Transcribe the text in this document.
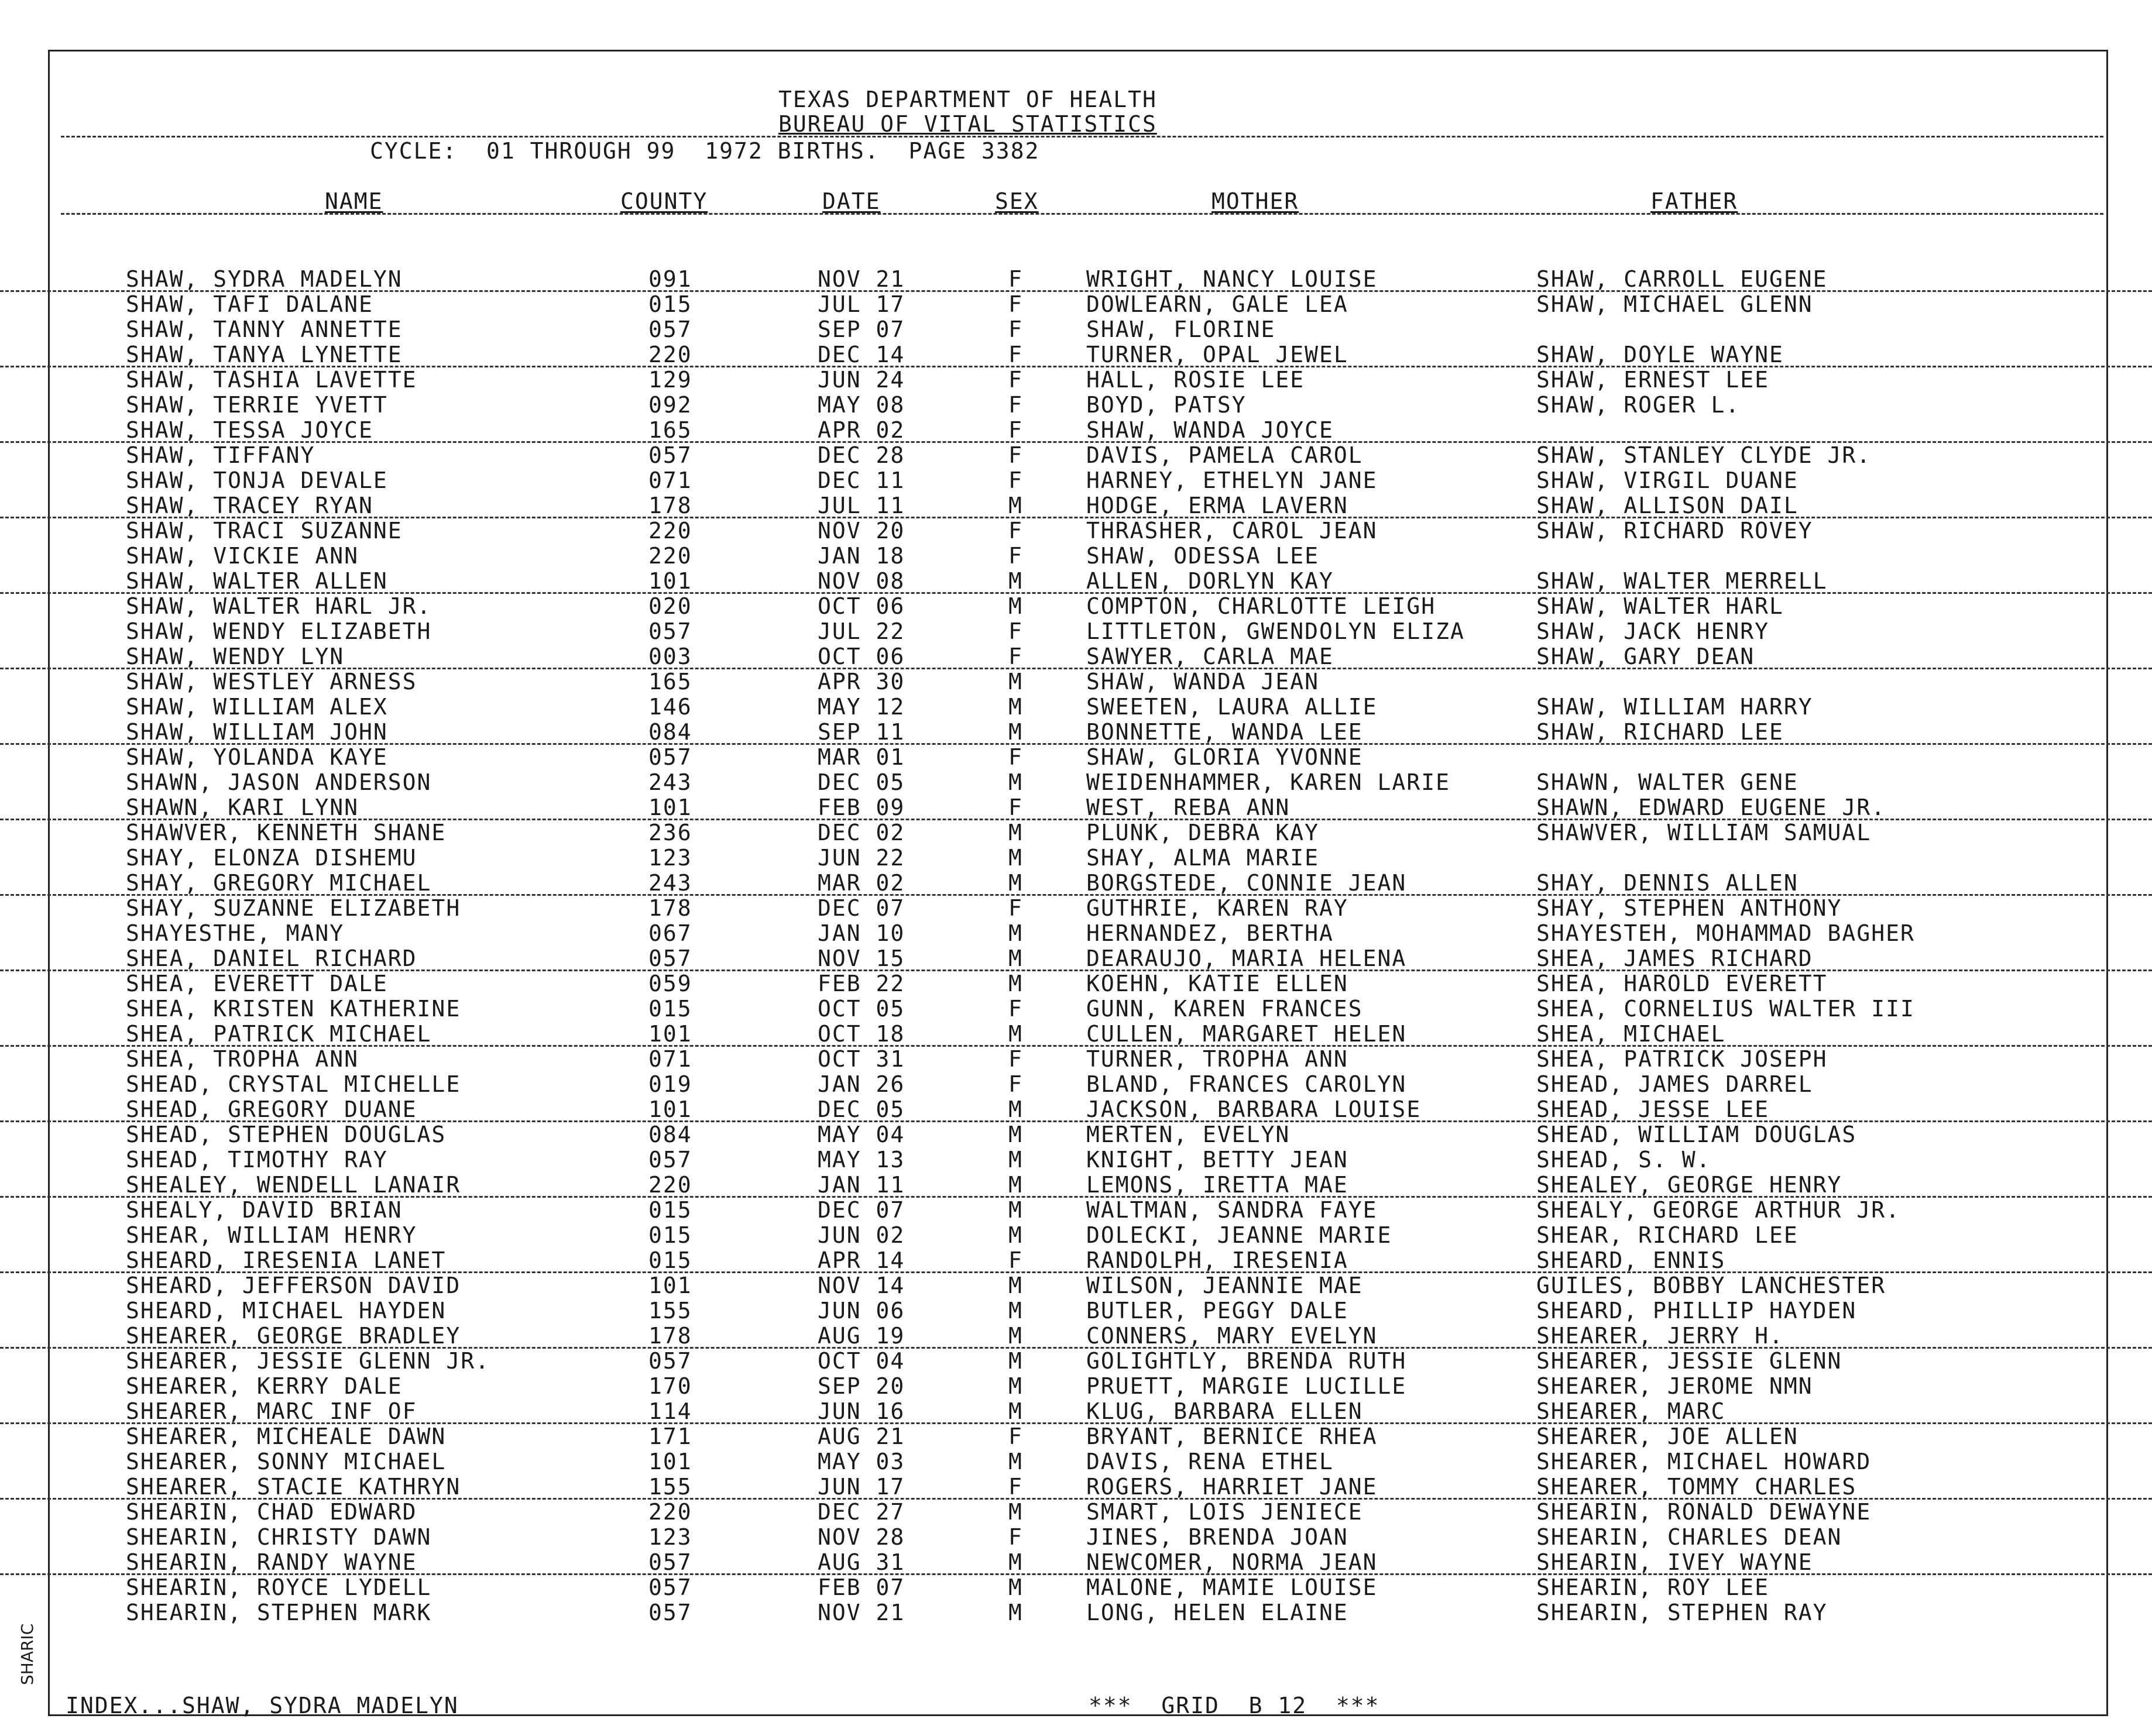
TEXAS DEPARTMENT OF HEALTH
BUREAU OF VITAL STATISTICS
CYCLE:  01 THROUGH 99  1972 BIRTHS.  PAGE 3382
NAME	COUNTY	DATE	SEX	MOTHER	FATHER
SHAW, SYDRA MADELYN	091	NOV 21	F	WRIGHT, NANCY LOUISE	SHAW, CARROLL EUGENE
SHAW, TAFI DALANE	015	JUL 17	F	DOWLEARN, GALE LEA	SHAW, MICHAEL GLENN
SHAW, TANNY ANNETTE	057	SEP 07	F	SHAW, FLORINE
SHAW, TANYA LYNETTE	220	DEC 14	F	TURNER, OPAL JEWEL	SHAW, DOYLE WAYNE
SHAW, TASHIA LAVETTE	129	JUN 24	F	HALL, ROSIE LEE	SHAW, ERNEST LEE
SHAW, TERRIE YVETT	092	MAY 08	F	BOYD, PATSY	SHAW, ROGER L.
SHAW, TESSA JOYCE	165	APR 02	F	SHAW, WANDA JOYCE
SHAW, TIFFANY	057	DEC 28	F	DAVIS, PAMELA CAROL	SHAW, STANLEY CLYDE JR.
SHAW, TONJA DEVALE	071	DEC 11	F	HARNEY, ETHELYN JANE	SHAW, VIRGIL DUANE
SHAW, TRACEY RYAN	178	JUL 11	M	HODGE, ERMA LAVERN	SHAW, ALLISON DAIL
SHAW, TRACI SUZANNE	220	NOV 20	F	THRASHER, CAROL JEAN	SHAW, RICHARD ROVEY
SHAW, VICKIE ANN	220	JAN 18	F	SHAW, ODESSA LEE
SHAW, WALTER ALLEN	101	NOV 08	M	ALLEN, DORLYN KAY	SHAW, WALTER MERRELL
SHAW, WALTER HARL JR.	020	OCT 06	M	COMPTON, CHARLOTTE LEIGH	SHAW, WALTER HARL
SHAW, WENDY ELIZABETH	057	JUL 22	F	LITTLETON, GWENDOLYN ELIZA	SHAW, JACK HENRY
SHAW, WENDY LYN	003	OCT 06	F	SAWYER, CARLA MAE	SHAW, GARY DEAN
SHAW, WESTLEY ARNESS	165	APR 30	M	SHAW, WANDA JEAN
SHAW, WILLIAM ALEX	146	MAY 12	M	SWEETEN, LAURA ALLIE	SHAW, WILLIAM HARRY
SHAW, WILLIAM JOHN	084	SEP 11	M	BONNETTE, WANDA LEE	SHAW, RICHARD LEE
SHAW, YOLANDA KAYE	057	MAR 01	F	SHAW, GLORIA YVONNE
SHAWN, JASON ANDERSON	243	DEC 05	M	WEIDENHAMMER, KAREN LARIE	SHAWN, WALTER GENE
SHAWN, KARI LYNN	101	FEB 09	F	WEST, REBA ANN	SHAWN, EDWARD EUGENE JR.
SHAWVER, KENNETH SHANE	236	DEC 02	M	PLUNK, DEBRA KAY	SHAWVER, WILLIAM SAMUAL
SHAY, ELONZA DISHEMU	123	JUN 22	M	SHAY, ALMA MARIE
SHAY, GREGORY MICHAEL	243	MAR 02	M	BORGSTEDE, CONNIE JEAN	SHAY, DENNIS ALLEN
SHAY, SUZANNE ELIZABETH	178	DEC 07	F	GUTHRIE, KAREN RAY	SHAY, STEPHEN ANTHONY
SHAYESTHE, MANY	067	JAN 10	M	HERNANDEZ, BERTHA	SHAYESTEH, MOHAMMAD BAGHER
SHEA, DANIEL RICHARD	057	NOV 15	M	DEARAUJO, MARIA HELENA	SHEA, JAMES RICHARD
SHEA, EVERETT DALE	059	FEB 22	M	KOEHN, KATIE ELLEN	SHEA, HAROLD EVERETT
SHEA, KRISTEN KATHERINE	015	OCT 05	F	GUNN, KAREN FRANCES	SHEA, CORNELIUS WALTER III
SHEA, PATRICK MICHAEL	101	OCT 18	M	CULLEN, MARGARET HELEN	SHEA, MICHAEL
SHEA, TROPHA ANN	071	OCT 31	F	TURNER, TROPHA ANN	SHEA, PATRICK JOSEPH
SHEAD, CRYSTAL MICHELLE	019	JAN 26	F	BLAND, FRANCES CAROLYN	SHEAD, JAMES DARREL
SHEAD, GREGORY DUANE	101	DEC 05	M	JACKSON, BARBARA LOUISE	SHEAD, JESSE LEE
SHEAD, STEPHEN DOUGLAS	084	MAY 04	M	MERTEN, EVELYN	SHEAD, WILLIAM DOUGLAS
SHEAD, TIMOTHY RAY	057	MAY 13	M	KNIGHT, BETTY JEAN	SHEAD, S. W.
SHEALEY, WENDELL LANAIR	220	JAN 11	M	LEMONS, IRETTA MAE	SHEALEY, GEORGE HENRY
SHEALY, DAVID BRIAN	015	DEC 07	M	WALTMAN, SANDRA FAYE	SHEALY, GEORGE ARTHUR JR.
SHEAR, WILLIAM HENRY	015	JUN 02	M	DOLECKI, JEANNE MARIE	SHEAR, RICHARD LEE
SHEARD, IRESENIA LANET	015	APR 14	F	RANDOLPH, IRESENIA	SHEARD, ENNIS
SHEARD, JEFFERSON DAVID	101	NOV 14	M	WILSON, JEANNIE MAE	GUILES, BOBBY LANCHESTER
SHEARD, MICHAEL HAYDEN	155	JUN 06	M	BUTLER, PEGGY DALE	SHEARD, PHILLIP HAYDEN
SHEARER, GEORGE BRADLEY	178	AUG 19	M	CONNERS, MARY EVELYN	SHEARER, JERRY H.
SHEARER, JESSIE GLENN JR.	057	OCT 04	M	GOLIGHTLY, BRENDA RUTH	SHEARER, JESSIE GLENN
SHEARER, KERRY DALE	170	SEP 20	M	PRUETT, MARGIE LUCILLE	SHEARER, JEROME NMN
SHEARER, MARC INF OF	114	JUN 16	M	KLUG, BARBARA ELLEN	SHEARER, MARC
SHEARER, MICHEALE DAWN	171	AUG 21	F	BRYANT, BERNICE RHEA	SHEARER, JOE ALLEN
SHEARER, SONNY MICHAEL	101	MAY 03	M	DAVIS, RENA ETHEL	SHEARER, MICHAEL HOWARD
SHEARER, STACIE KATHRYN	155	JUN 17	F	ROGERS, HARRIET JANE	SHEARER, TOMMY CHARLES
SHEARIN, CHAD EDWARD	220	DEC 27	M	SMART, LOIS JENIECE	SHEARIN, RONALD DEWAYNE
SHEARIN, CHRISTY DAWN	123	NOV 28	F	JINES, BRENDA JOAN	SHEARIN, CHARLES DEAN
SHEARIN, RANDY WAYNE	057	AUG 31	M	NEWCOMER, NORMA JEAN	SHEARIN, IVEY WAYNE
SHEARIN, ROYCE LYDELL	057	FEB 07	M	MALONE, MAMIE LOUISE	SHEARIN, ROY LEE
SHEARIN, STEPHEN MARK	057	NOV 21	M	LONG, HELEN ELAINE	SHEARIN, STEPHEN RAY
INDEX...SHAW, SYDRA MADELYN	***  GRID  B 12  ***
SHARIC
